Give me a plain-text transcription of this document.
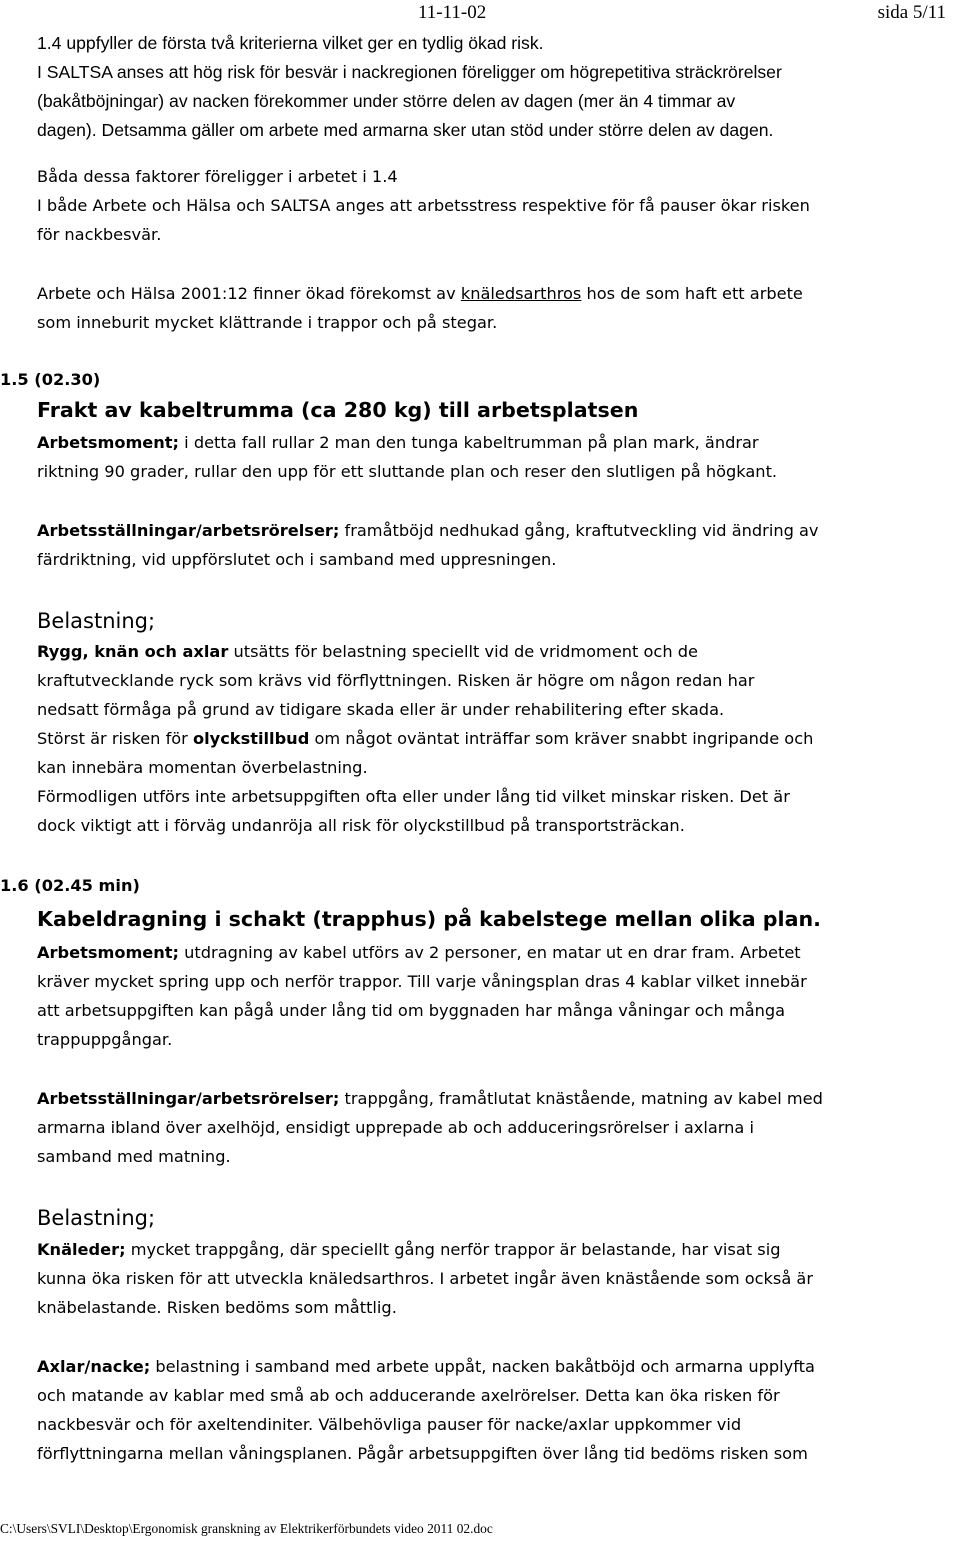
11-11-02	sida 5/11
1.4 uppfyller de första två kriterierna vilket ger en tydlig ökad risk.
I SALTSA anses att hög risk för besvär i nackregionen föreligger om högrepetitiva sträckrörelser
(bakåtböjningar) av nacken förekommer under större delen av dagen (mer än 4 timmar av
dagen). Detsamma gäller om arbete med armarna sker utan stöd under större delen av dagen.
Båda dessa faktorer föreligger i arbetet i 1.4
I både Arbete och Hälsa och SALTSA anges att arbetsstress respektive för få pauser ökar risken
för nackbesvär.
Arbete och Hälsa 2001:12 finner ökad förekomst av knäledsarthros hos de som haft ett arbete
som inneburit mycket klättrande i trappor och på stegar.
1.5 (02.30)
Frakt av kabeltrumma (ca 280 kg) till arbetsplatsen
Arbetsmoment; i detta fall rullar 2 man den tunga kabeltrumman på plan mark, ändrar
riktning 90 grader, rullar den upp för ett sluttande plan och reser den slutligen på högkant.
Arbetsställningar/arbetsrörelser; framåtböjd nedhukad gång, kraftutveckling vid ändring av
färdriktning, vid uppförslutet och i samband med uppresningen.
Belastning;
Rygg, knän och axlar utsätts för belastning speciellt vid de vridmoment och de
kraftutvecklande ryck som krävs vid förflyttningen. Risken är högre om någon redan har
nedsatt förmåga på grund av tidigare skada eller är under rehabilitering efter skada.
Störst är risken för olyckstillbud om något oväntat inträffar som kräver snabbt ingripande och
kan innebära momentan överbelastning.
Förmodligen utförs inte arbetsuppgiften ofta eller under lång tid vilket minskar risken. Det är
dock viktigt att i förväg undanröja all risk för olyckstillbud på transportsträckan.
1.6 (02.45 min)
Kabeldragning i schakt (trapphus) på kabelstege mellan olika plan.
Arbetsmoment; utdragning av kabel utförs av 2 personer, en matar ut en drar fram. Arbetet
kräver mycket spring upp och nerför trappor. Till varje våningsplan dras 4 kablar vilket innebär
att arbetsuppgiften kan pågå under lång tid om byggnaden har många våningar och många
trappuppgångar.
Arbetsställningar/arbetsrörelser; trappgång, framåtlutat knästående, matning av kabel med
armarna ibland över axelhöjd, ensidigt upprepade ab och adduceringsrörelser i axlarna i
samband med matning.
Belastning;
Knäleder; mycket trappgång, där speciellt gång nerför trappor är belastande, har visat sig
kunna öka risken för att utveckla knäledsarthros. I arbetet ingår även knästående som också är
knäbelastande. Risken bedöms som måttlig.
Axlar/nacke; belastning i samband med arbete uppåt, nacken bakåtböjd och armarna upplyfta
och matande av kablar med små ab och adducerande axelrörelser. Detta kan öka risken för
nackbesvär och för axeltendiniter. Välbehövliga pauser för nacke/axlar uppkommer vid
förflyttningarna mellan våningsplanen. Pågår arbetsuppgiften över lång tid bedöms risken som
C:\Users\SVLI\Desktop\Ergonomisk granskning av Elektrikerförbundets video 2011 02.doc
